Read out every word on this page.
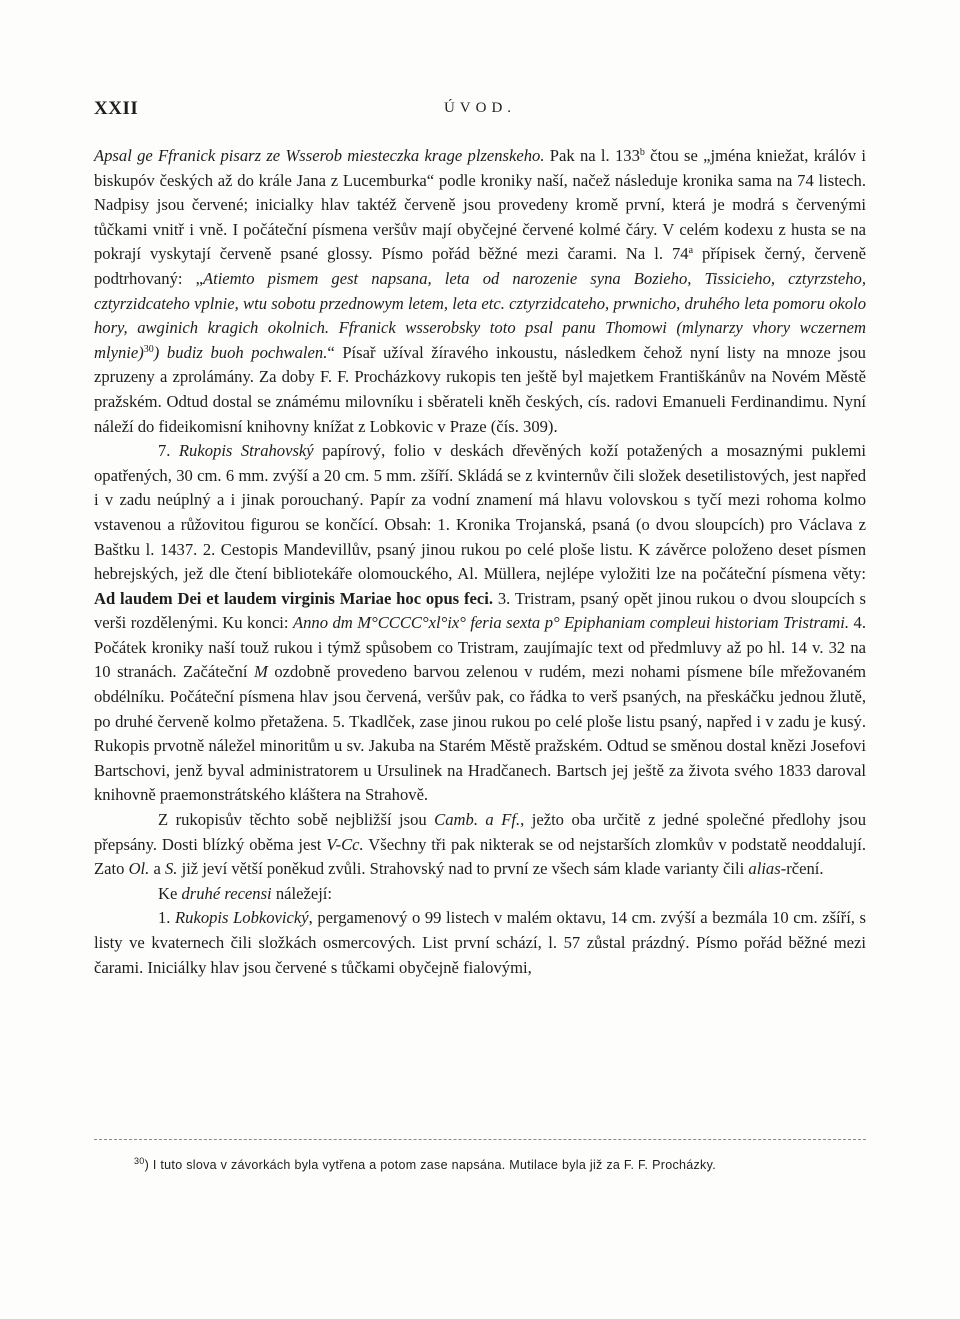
XXII	ÚVOD.

Apsal ge Ffranick pisarz ze Wsserob miesteczka krage plzenskeho. Pak na l. 133$^b$ čtou se „jména kniežat, králóv i biskupóv českých až do krále Jana z Lucemburka“ podle kroniky naší, načež následuje kronika sama na 74 listech. Nadpisy jsou červené; inicialky hlav taktéž červeně jsou provedeny kromě první, která je modrá s červenými tůčkami vnitř i vně. I počáteční písmena veršův mají obyčejné červené kolmé čáry. V celém kodexu z husta se na pokrají vyskytají červeně psané glossy. Písmo pořád běžné mezi čarami. Na l. 74$^a$ přípisek černý, červeně podtrhovaný: „Atiemto pismem gest napsana, leta od narozenie syna Bozieho, Tissicieho, cztyrzsteho, cztyrzidcateho vplnie, wtu sobotu przednowym letem, leta etc. cztyrzidcateho, prwnicho, druhého leta pomoru okolo hory, awginich kragich okolnich. Ffranick wsserobsky toto psal panu Thomowi (mlynarzy vhory wczernem mlynie)$^{30}$) budiz buoh pochwalen.“ Písař užíval žíravého inkoustu, následkem čehož nyní listy na mnoze jsou zpruzeny a zprolámány. Za doby F. F. Procházkovy rukopis ten ještě byl majetkem Františkánův na Novém Městě pražském. Odtud dostal se známému milovníku i sběrateli kněh českých, cís. radovi Emanueli Ferdinandimu. Nyní náleží do fideikomisní knihovny knížat z Lobkovic v Praze (čís. 309).

7. Rukopis Strahovský papírový, folio v deskách dřevěných koží potažených a mosaznými puklemi opatřených, 30 cm. 6 mm. zvýší a 20 cm. 5 mm. zšíří. Skládá se z kvinternův čili složek desetilistových, jest napřed i v zadu neúplný a i jinak porouchaný. Papír za vodní znamení má hlavu volovskou s tyčí mezi rohoma kolmo vstavenou a růžovitou figurou se končící. Obsah: 1. Kronika Trojanská, psaná (o dvou sloupcích) pro Václava z Baštku l. 1437. 2. Cestopis Mandevillův, psaný jinou rukou po celé ploše listu. K závěrce položeno deset písmen hebrejských, jež dle čtení bibliotekáře olomouckého, Al. Müllera, nejlépe vyložiti lze na počáteční písmena věty: Ad laudem Dei et laudem virginis Mariae hoc opus feci. 3. Tristram, psaný opět jinou rukou o dvou sloupcích s verši rozdělenými. Ku konci: Anno dm M°CCCC°xl°ix° feria sexta p° Epiphaniam compleui historiam Tristrami. 4. Počátek kroniky naší touž rukou i týmž spůsobem co Tristram, zaujímajíc text od předmluvy až po hl. 14 v. 32 na 10 stranách. Začáteční M ozdobně provedeno barvou zelenou v rudém, mezi nohami písmene bíle mřežovaném obdélníku. Počáteční písmena hlav jsou červená, veršův pak, co řádka to verš psaných, na přeskáčku jednou žlutě, po druhé červeně kolmo přetažena. 5. Tkadlček, zase jinou rukou po celé ploše listu psaný, napřed i v zadu je kusý. Rukopis prvotně náležel minoritům u sv. Jakuba na Starém Městě pražském. Odtud se směnou dostal knězi Josefovi Bartschovi, jenž byval administratorem u Ursulinek na Hradčanech. Bartsch jej ještě za života svého 1833 daroval knihovně praemonstrátského kláštera na Strahově.

Z rukopisův těchto sobě nejbližší jsou Camb. a Ff., ježto oba určitě z jedné společné předlohy jsou přepsány. Dosti blízký oběma jest V-Cc. Všechny tři pak nikterak se od nejstarších zlomkův v podstatě neoddalují. Zato Ol. a S. již jeví větší poněkud zvůli. Strahovský nad to první ze všech sám klade varianty čili alias-rčení.

Ke druhé recensi náležejí:

1. Rukopis Lobkovický, pergamenový o 99 listech v malém oktavu, 14 cm. zvýší a bezmála 10 cm. zšíří, s listy ve kvaternech čili složkách osmercových. List první schází, l. 57 zůstal prázdný. Písmo pořád běžné mezi čarami. Iniciálky hlav jsou červené s tůčkami obyčejně fialovými,

$^{30}$) I tuto slova v závorkách byla vytřena a potom zase napsána. Mutilace byla již za F. F. Procházky.
